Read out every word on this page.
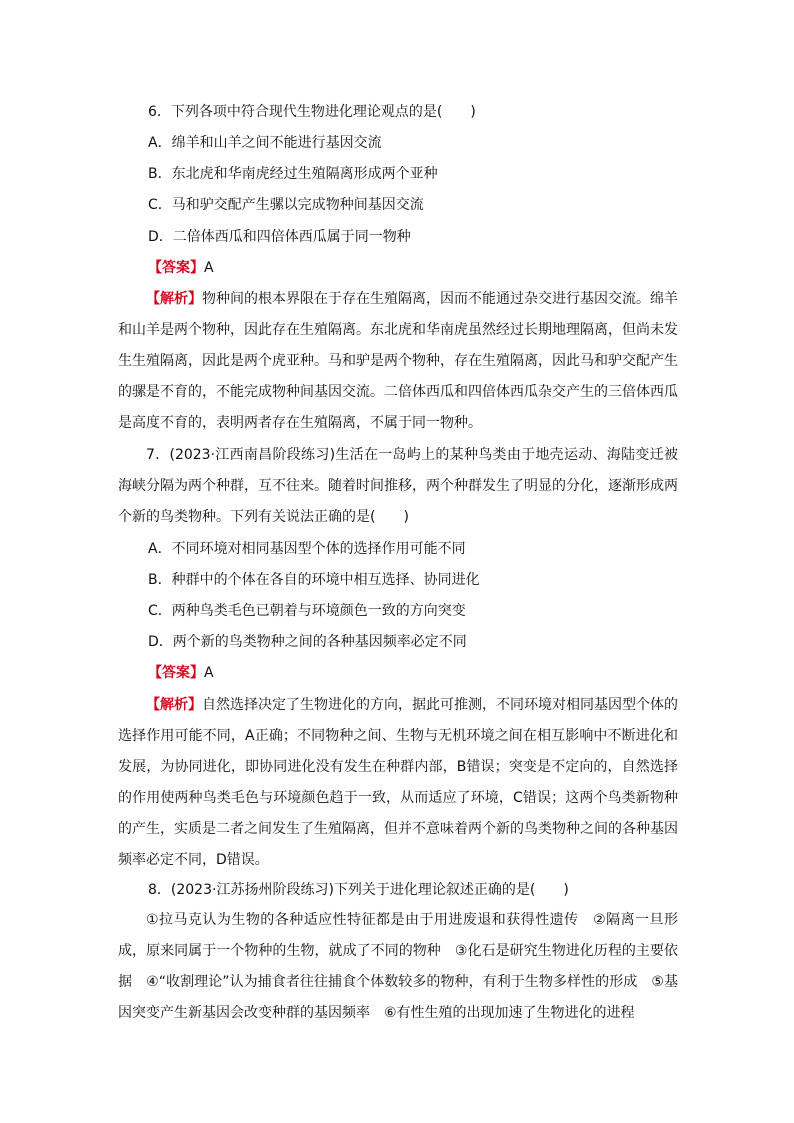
6．下列各项中符合现代生物进化理论观点的是(　　)
A．绵羊和山羊之间不能进行基因交流
B．东北虎和华南虎经过生殖隔离形成两个亚种
C．马和驴交配产生骡以完成物种间基因交流
D．二倍体西瓜和四倍体西瓜属于同一物种
【答案】A
【解析】物种间的根本界限在于存在生殖隔离，因而不能通过杂交进行基因交流。绵羊和山羊是两个物种，因此存在生殖隔离。东北虎和华南虎虽然经过长期地理隔离，但尚未发生生殖隔离，因此是两个虎亚种。马和驴是两个物种，存在生殖隔离，因此马和驴交配产生的骡是不育的，不能完成物种间基因交流。二倍体西瓜和四倍体西瓜杂交产生的三倍体西瓜是高度不育的，表明两者存在生殖隔离，不属于同一物种。
7．(2023·江西南昌阶段练习)生活在一岛屿上的某种鸟类由于地壳运动、海陆变迁被海峡分隔为两个种群，互不往来。随着时间推移，两个种群发生了明显的分化，逐渐形成两个新的鸟类物种。下列有关说法正确的是(　　)
A．不同环境对相同基因型个体的选择作用可能不同
B．种群中的个体在各自的环境中相互选择、协同进化
C．两种鸟类毛色已朝着与环境颜色一致的方向突变
D．两个新的鸟类物种之间的各种基因频率必定不同
【答案】A
【解析】自然选择决定了生物进化的方向，据此可推测，不同环境对相同基因型个体的选择作用可能不同，A正确；不同物种之间、生物与无机环境之间在相互影响中不断进化和发展，为协同进化，即协同进化没有发生在种群内部，B错误；突变是不定向的，自然选择的作用使两种鸟类毛色与环境颜色趋于一致，从而适应了环境，C错误；这两个鸟类新物种的产生，实质是二者之间发生了生殖隔离，但并不意味着两个新的鸟类物种之间的各种基因频率必定不同，D错误。
8．(2023·江苏扬州阶段练习)下列关于进化理论叙述正确的是(　　)
①拉马克认为生物的各种适应性特征都是由于用进废退和获得性遗传　②隔离一旦形成，原来同属于一个物种的生物，就成了不同的物种　③化石是研究生物进化历程的主要依据　④“收割理论”认为捕食者往往捕食个体数较多的物种，有利于生物多样性的形成　⑤基因突变产生新基因会改变种群的基因频率　⑥有性生殖的出现加速了生物进化的进程
